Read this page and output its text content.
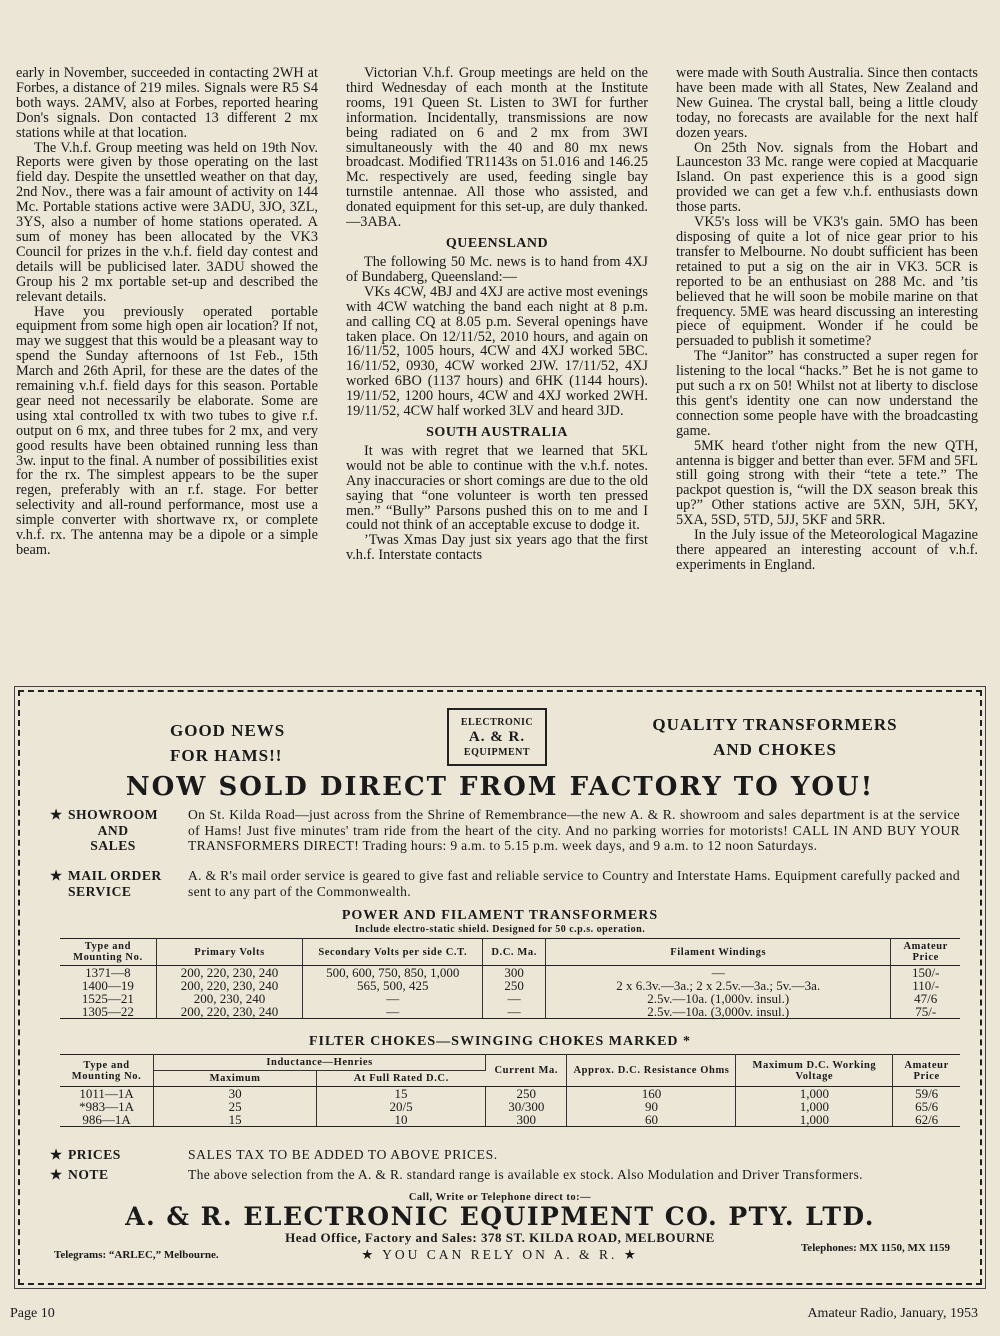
early in November, succeeded in contacting 2WH at Forbes, a distance of 219 miles. Signals were R5 S4 both ways. 2AMV, also at Forbes, reported hearing Don's signals. Don contacted 13 different 2 mx stations while at that location.

The V.h.f. Group meeting was held on 19th Nov. Reports were given by those operating on the last field day. Despite the unsettled weather on that day, 2nd Nov., there was a fair amount of activity on 144 Mc. Portable stations active were 3ADU, 3JO, 3ZL, 3YS, also a number of home stations operated. A sum of money has been allocated by the VK3 Council for prizes in the v.h.f. field day contest and details will be publicised later. 3ADU showed the Group his 2 mx portable set-up and described the relevant details.

Have you previously operated portable equipment from some high open air location? If not, may we suggest that this would be a pleasant way to spend the Sunday afternoons of 1st Feb., 15th March and 26th April, for these are the dates of the remaining v.h.f. field days for this season. Portable gear need not necessarily be elaborate. Some are using xtal controlled tx with two tubes to give r.f. output on 6 mx, and three tubes for 2 mx, and very good results have been obtained running less than 3w. input to the final. A number of possibilities exist for the rx. The simplest appears to be the super regen, preferably with an r.f. stage. For better selectivity and all-round performance, most use a simple converter with shortwave rx, or complete v.h.f. rx. The antenna may be a dipole or a simple beam.

Victorian V.h.f. Group meetings are held on the third Wednesday of each month at the Institute rooms, 191 Queen St. Listen to 3WI for further information. Incidentally, transmissions are now being radiated on 6 and 2 mx from 3WI simultaneously with the 40 and 80 mx news broadcast. Modified TR1143s on 51.016 and 146.25 Mc. respectively are used, feeding single bay turnstile antennae. All those who assisted, and donated equipment for this set-up, are duly thanked.—3ABA.

QUEENSLAND

The following 50 Mc. news is to hand from 4XJ of Bundaberg, Queensland:—

VKs 4CW, 4BJ and 4XJ are active most evenings with 4CW watching the band each night at 8 p.m. and calling CQ at 8.05 p.m. Several openings have taken place. On 12/11/52, 2010 hours, and again on 16/11/52, 1005 hours, 4CW and 4XJ worked 5BC. 16/11/52, 0930, 4CW worked 2JW. 17/11/52, 4XJ worked 6BO (1137 hours) and 6HK (1144 hours). 19/11/52, 1200 hours, 4CW and 4XJ worked 2WH. 19/11/52, 4CW half worked 3LV and heard 3JD.

SOUTH AUSTRALIA

It was with regret that we learned that 5KL would not be able to continue with the v.h.f. notes. Any inaccuracies or short comings are due to the old saying that “one volunteer is worth ten pressed men.” “Bully” Parsons pushed this on to me and I could not think of an acceptable excuse to dodge it.

’Twas Xmas Day just six years ago that the first v.h.f. Interstate contacts

were made with South Australia. Since then contacts have been made with all States, New Zealand and New Guinea. The crystal ball, being a little cloudy today, no forecasts are available for the next half dozen years.

On 25th Nov. signals from the Hobart and Launceston 33 Mc. range were copied at Macquarie Island. On past experience this is a good sign provided we can get a few v.h.f. enthusiasts down those parts.

VK5's loss will be VK3's gain. 5MO has been disposing of quite a lot of nice gear prior to his transfer to Melbourne. No doubt sufficient has been retained to put a sig on the air in VK3. 5CR is reported to be an enthusiast on 288 Mc. and ’tis believed that he will soon be mobile marine on that frequency. 5ME was heard discussing an interesting piece of equipment. Wonder if he could be persuaded to publish it sometime?

The “Janitor” has constructed a super regen for listening to the local “hacks.” Bet he is not game to put such a rx on 50! Whilst not at liberty to disclose this gent's identity one can now understand the connection some people have with the broadcasting game.

5MK heard t'other night from the new QTH, antenna is bigger and better than ever. 5FM and 5FL still going strong with their “tete a tete.” The packpot question is, “will the DX season break this up?” Other stations active are 5XN, 5JH, 5KY, 5XA, 5SD, 5TD, 5JJ, 5KF and 5RR.

In the July issue of the Meteorological Magazine there appeared an interesting account of v.h.f. experiments in England.

GOOD NEWS
FOR HAMS!!
ELECTRONIC
A. & R.
EQUIPMENT
QUALITY TRANSFORMERS
AND CHOKES
NOW SOLD DIRECT FROM FACTORY TO YOU!
★ SHOWROOM
AND
SALES
On St. Kilda Road—just across from the Shrine of Remembrance—the new A. & R. showroom and sales department is at the service of Hams! Just five minutes' tram ride from the heart of the city. And no parking worries for motorists! CALL IN AND BUY YOUR TRANSFORMERS DIRECT! Trading hours: 9 a.m. to 5.15 p.m. week days, and 9 a.m. to 12 noon Saturdays.
★ MAIL ORDER
SERVICE
A. & R's mail order service is geared to give fast and reliable service to Country and Interstate Hams. Equipment carefully packed and sent to any part of the Commonwealth.
POWER AND FILAMENT TRANSFORMERS
Include electro-static shield. Designed for 50 c.p.s. operation.
Type and Mounting No.	Primary Volts	Secondary Volts per side C.T.	D.C. Ma.	Filament Windings	Amateur Price
1371—8	200, 220, 230, 240	500, 600, 750, 850, 1,000	300	—	150/-
1400—19	200, 220, 230, 240	565, 500, 425	250	2 x 6.3v.—3a.; 2 x 2.5v.—3a.; 5v.—3a.	110/-
1525—21	200, 230, 240	—	—	2.5v.—10a. (1,000v. insul.)	47/6
1305—22	200, 220, 230, 240	—	—	2.5v.—10a. (3,000v. insul.)	75/-
FILTER CHOKES—SWINGING CHOKES MARKED *
Type and Mounting No.	Inductance—Henries		Current Ma.	Approx. D.C. Resistance Ohms	Maximum D.C. Working Voltage	Amateur Price
	Maximum	At Full Rated D.C.				
1011—1A	30	15	250	160	1,000	59/6
*983—1A	25	20/5	30/300	90	1,000	65/6
986—1A	15	10	300	60	1,000	62/6
★ PRICES	SALES TAX TO BE ADDED TO ABOVE PRICES.
★ NOTE	The above selection from the A. & R. standard range is available ex stock. Also Modulation and Driver Transformers.
Call, Write or Telephone direct to:—
A. & R. ELECTRONIC EQUIPMENT CO. PTY. LTD.
Head Office, Factory and Sales: 378 ST. KILDA ROAD, MELBOURNE
Telephones: MX 1150, MX 1159
★ YOU CAN RELY ON A. & R. ★
Telegrams: “ARLEC,” Melbourne.
Page 10	Amateur Radio, January, 1953
